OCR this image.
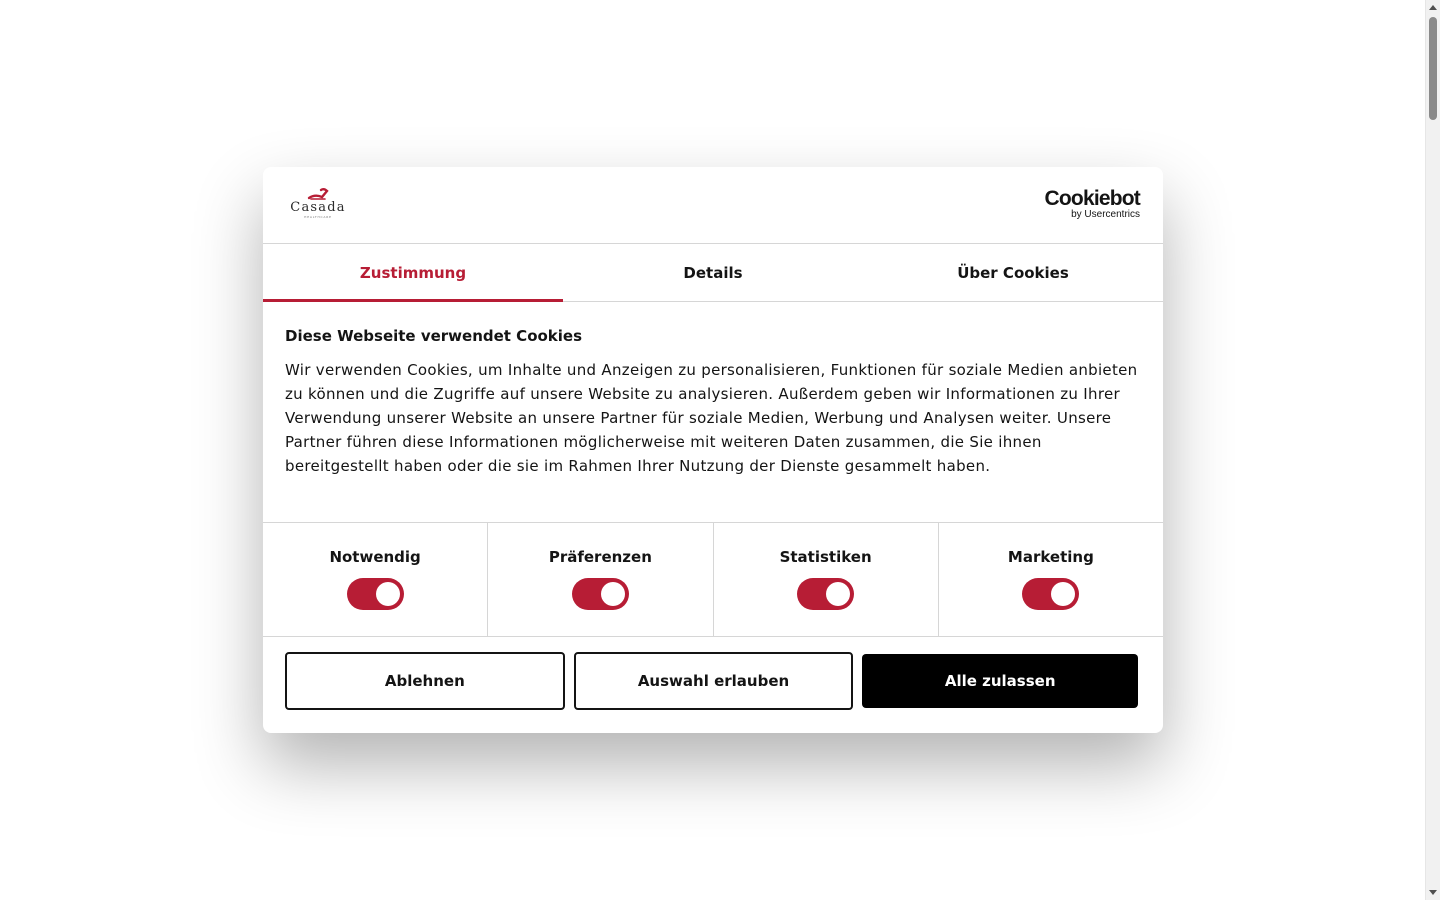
Casada
HEALTHCARE
Cookiebot
by Usercentrics
Zustimmung	Details	Über Cookies
Diese Webseite verwendet Cookies
Wir verwenden Cookies, um Inhalte und Anzeigen zu personalisieren, Funktionen für soziale Medien anbieten zu können und die Zugriffe auf unsere Website zu analysieren. Außerdem geben wir Informationen zu Ihrer Verwendung unserer Website an unsere Partner für soziale Medien, Werbung und Analysen weiter. Unsere Partner führen diese Informationen möglicherweise mit weiteren Daten zusammen, die Sie ihnen bereitgestellt haben oder die sie im Rahmen Ihrer Nutzung der Dienste gesammelt haben.
Notwendig	Präferenzen	Statistiken	Marketing
Ablehnen	Auswahl erlauben	Alle zulassen
